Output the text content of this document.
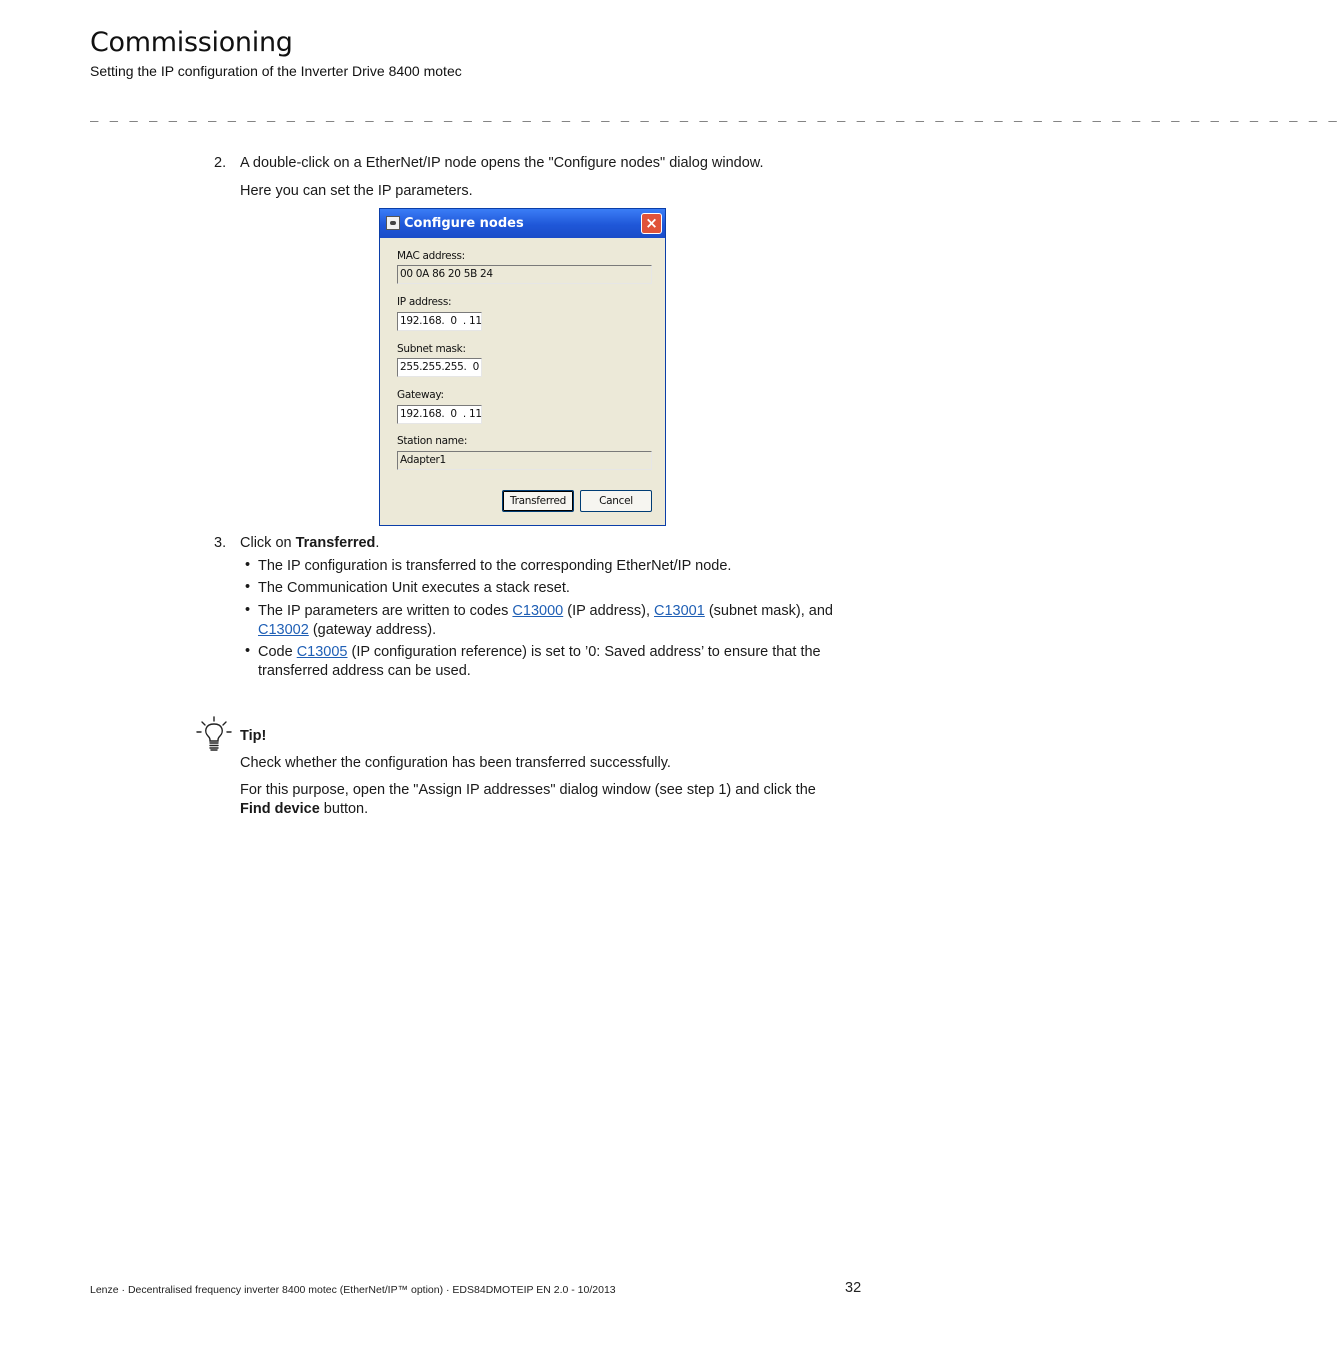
Commissioning
Setting the IP configuration of the Inverter Drive 8400 motec
_ _ _ _ _ _ _ _ _ _ _ _ _ _ _ _ _ _ _ _ _ _ _ _ _ _ _ _ _ _ _ _ _ _ _ _ _ _ _ _ _ _ _ _ _ _ _ _ _ _ _ _ _ _ _ _ _ _ _ _ _ _ _ _
2. A double-click on a EtherNet/IP node opens the "Configure nodes" dialog window.
Here you can set the IP parameters.
Configure nodes	×
MAC address:
00 0A 86 20 5B 24
IP address:
192.168.  0  . 11
Subnet mask:
255.255.255.  0
Gateway:
192.168.  0  . 11
Station name:
Adapter1
Transferred	Cancel
3. Click on Transferred.
• The IP configuration is transferred to the corresponding EtherNet/IP node.
• The Communication Unit executes a stack reset.
• The IP parameters are written to codes C13000 (IP address), C13001 (subnet mask), and
C13002 (gateway address).
• Code C13005 (IP configuration reference) is set to ’0: Saved address’ to ensure that the
transferred address can be used.
Tip!
Check whether the configuration has been transferred successfully.
For this purpose, open the "Assign IP addresses" dialog window (see step 1) and click the
Find device button.
Lenze · Decentralised frequency inverter 8400 motec (EtherNet/IP™ option) · EDS84DMOTEIP EN 2.0 - 10/2013	32
